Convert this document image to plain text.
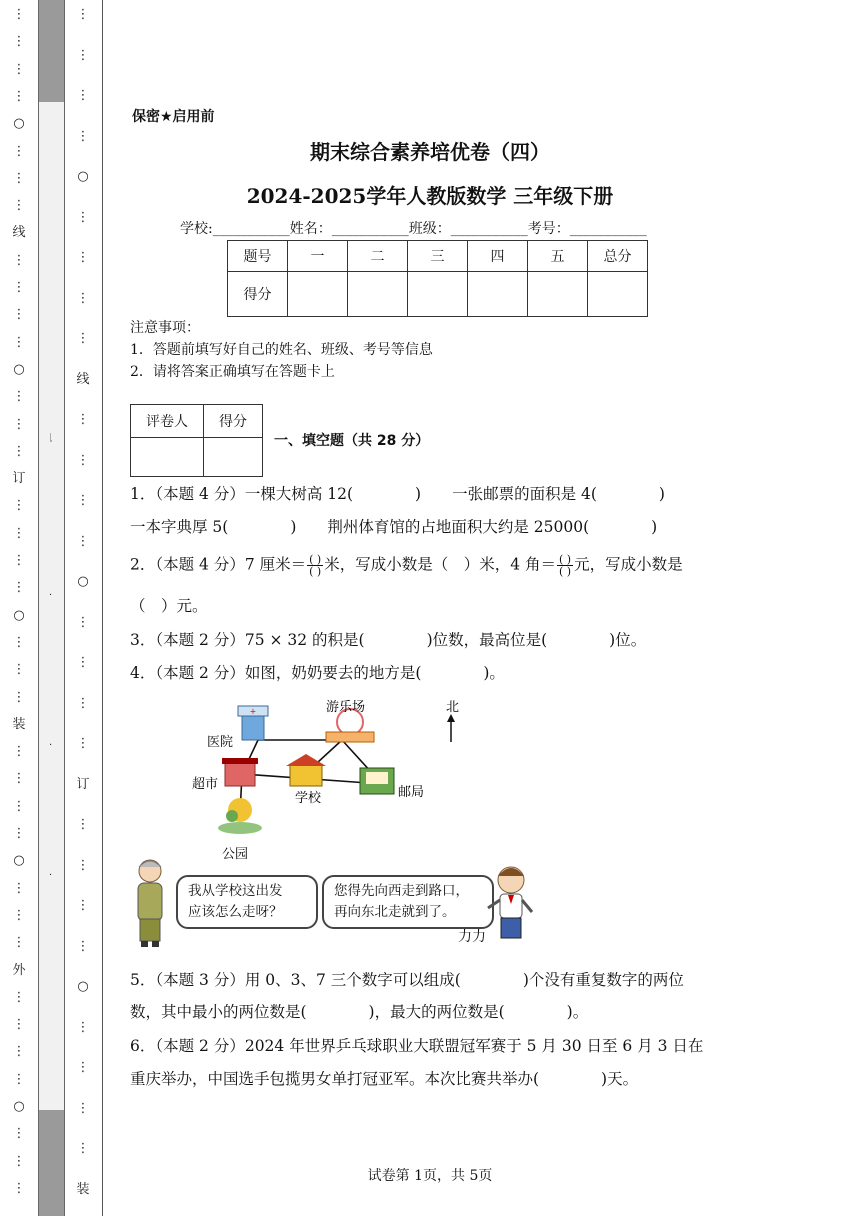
⋮
⋮
⋮
⋮
○
⋮
⋮
⋮
线
⋮
⋮
⋮
⋮
○
⋮
⋮
⋮
订
⋮
⋮
⋮
⋮
○
⋮
⋮
⋮
装
⋮
⋮
⋮
⋮
○
⋮
⋮
⋮
外
⋮
⋮
⋮
⋮
○
⋮
⋮
⋮
一
·
·
·
⋮
⋮
⋮
⋮
○
⋮
⋮
⋮
⋮
线
⋮
⋮
⋮
⋮
○
⋮
⋮
⋮
⋮
订
⋮
⋮
⋮
⋮
○
⋮
⋮
⋮
⋮
装
保密★启用前
期末综合素养培优卷（四）
2024-2025学年人教版数学 三年级下册
学校:___________姓名：___________班级：___________考号：___________
题号	一	二	三	四	五	总分
得分						
注意事项：
1．答题前填写好自己的姓名、班级、考号等信息
2．请将答案正确填写在答题卡上
评卷人	得分

一、填空题（共 28 分）
1．（本题 4 分）一棵大树高 12(　　　　)　　一张邮票的面积是 4(　　　　)
一本字典厚 5(　　　　)　　荆州体育馆的占地面积大约是 25000(　　　　)
2．（本题 4 分）7 厘米＝ $\frac{( )}{( )}$ 米，写成小数是（　）米，4 角＝ $\frac{( )}{( )}$ 元，写成小数是
（　）元。
3．（本题 2 分）75 × 32 的积是(　　　　)位数，最高位是(　　　　)位。
4．（本题 2 分）如图，奶奶要去的地方是(　　　　)。
+	北
医院
游乐场
超市
学校	邮局
公园
我从学校这出发
应该怎么走呀？
您得先向西走到路口，
再向东北走就到了。
力力
5．（本题 3 分）用 0、3、7 三个数字可以组成(　　　　)个没有重复数字的两位
数，其中最小的两位数是(　　　　)，最大的两位数是(　　　　)。
6．（本题 2 分）2024 年世界乒乓球职业大联盟冠军赛于 5 月 30 日至 6 月 3 日在
重庆举办，中国选手包揽男女单打冠亚军。本次比赛共举办(　　　　)天。
试卷第 1页，共 5页
